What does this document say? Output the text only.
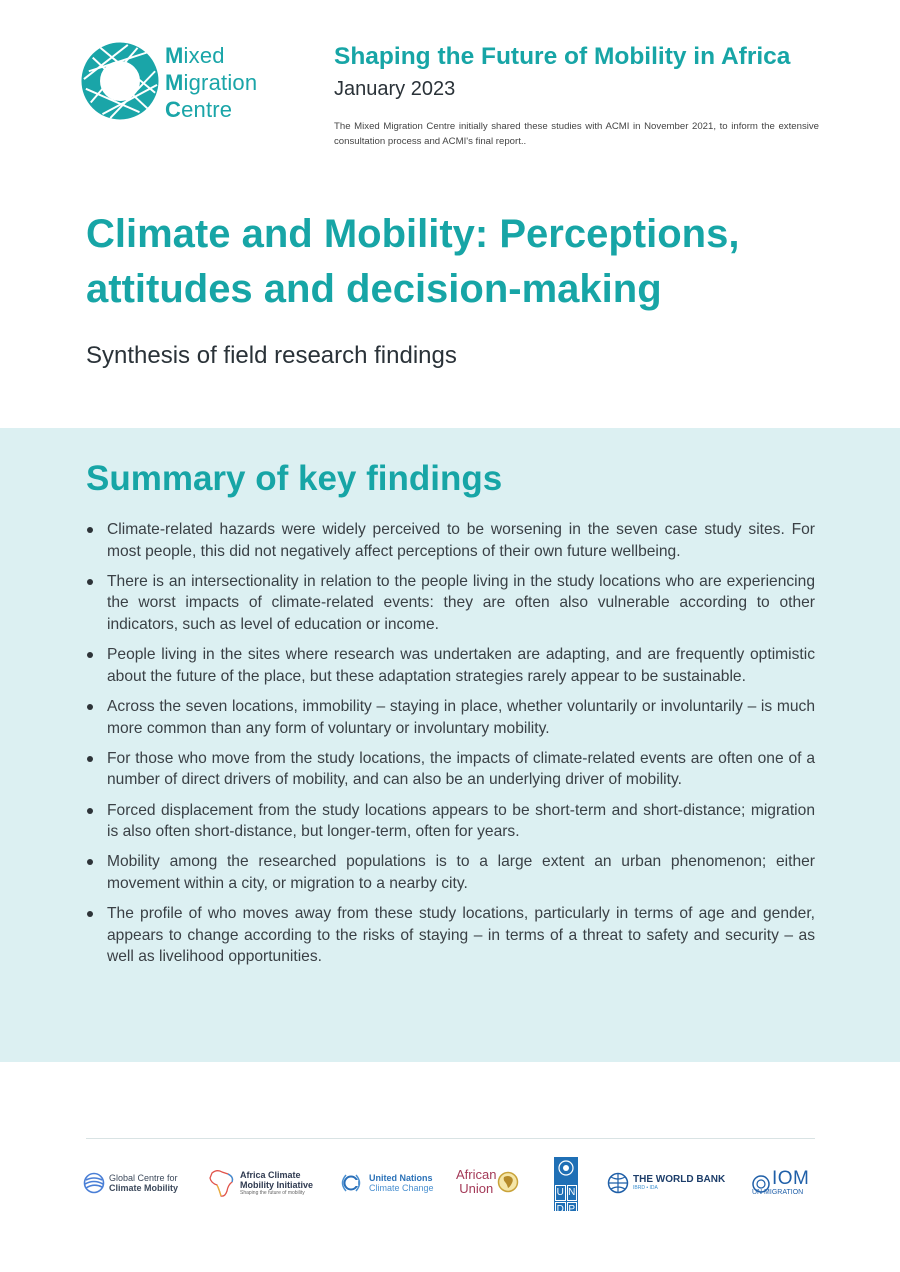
Mixed
Migration
Centre
Shaping the Future of Mobility in Africa
January 2023
The Mixed Migration Centre initially shared these studies with ACMI in November 2021, to inform the extensive consultation process and ACMI's final report..
Climate and Mobility: Perceptions, attitudes and decision-making
Synthesis of field research findings
Summary of key findings
Climate-related hazards were widely perceived to be worsening in the seven case study sites. For most people, this did not negatively affect perceptions of their own future wellbeing.
There is an intersectionality in relation to the people living in the study locations who are experiencing the worst impacts of climate-related events: they are often also vulnerable according to other indicators, such as level of education or income.
People living in the sites where research was undertaken are adapting, and are frequently optimistic about the future of the place, but these adaptation strategies rarely appear to be sustainable.
Across the seven locations, immobility – staying in place, whether voluntarily or involuntarily – is much more common than any form of voluntary or involuntary mobility.
For those who move from the study locations, the impacts of climate-related events are often one of a number of direct drivers of mobility, and can also be an underlying driver of mobility.
Forced displacement from the study locations appears to be short-term and short-distance; migration is also often short-distance, but longer-term, often for years.
Mobility among the researched populations is to a large extent an urban phenomenon; either movement within a city, or migration to a nearby city.
The profile of who moves away from these study locations, particularly in terms of age and gender, appears to change according to the risks of staying – in terms of a threat to safety and security – as well as livelihood opportunities.
Global Centre for
Climate Mobility
Africa Climate
Mobility Initiative
Shaping the future of mobility
United Nations
Climate Change
African
Union	U N
D P
THE WORLD BANK
IBRD • IDA	IOM
UN MIGRATION
